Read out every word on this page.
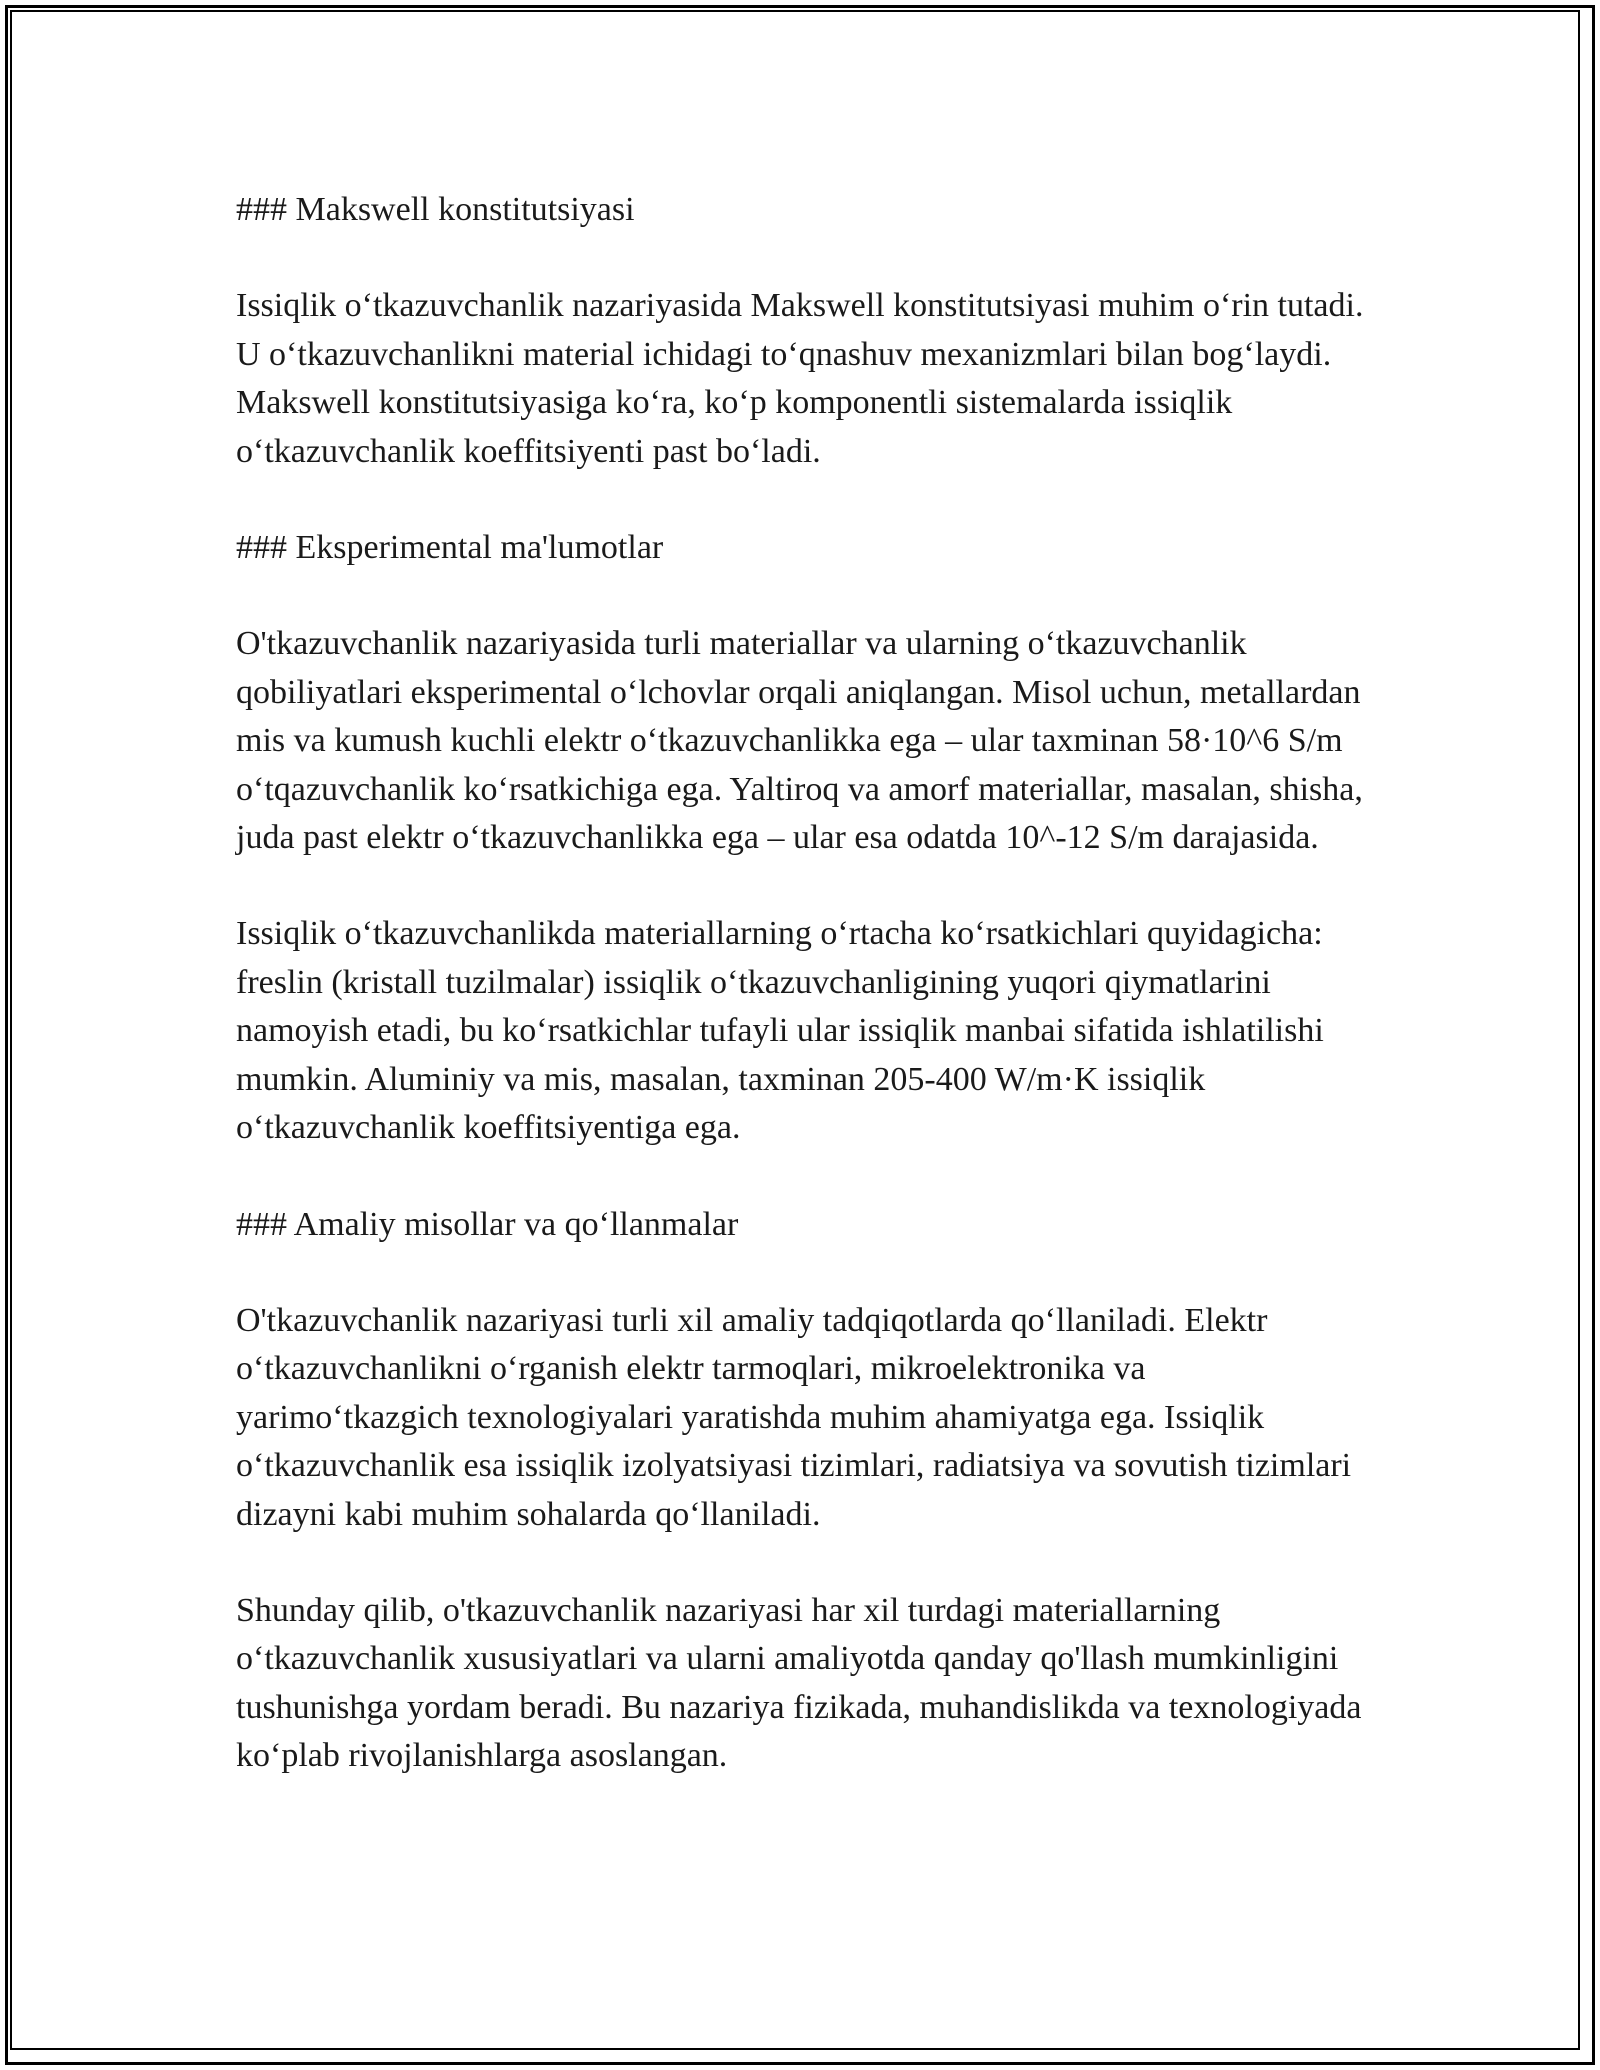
### Makswell konstitutsiyasi

Issiqlik o‘tkazuvchanlik nazariyasida Makswell konstitutsiyasi muhim o‘rin tutadi. U o‘tkazuvchanlikni material ichidagi to‘qnashuv mexanizmlari bilan bog‘laydi. Makswell konstitutsiyasiga ko‘ra, ko‘p komponentli sistemalarda issiqlik o‘tkazuvchanlik koeffitsiyenti past bo‘ladi.

### Eksperimental ma'lumotlar

O'tkazuvchanlik nazariyasida turli materiallar va ularning o‘tkazuvchanlik qobiliyatlari eksperimental o‘lchovlar orqali aniqlangan. Misol uchun, metallardan mis va kumush kuchli elektr o‘tkazuvchanlikka ega – ular taxminan 58·10^6 S/m o‘tqazuvchanlik ko‘rsatkichiga ega. Yaltiroq va amorf materiallar, masalan, shisha, juda past elektr o‘tkazuvchanlikka ega – ular esa odatda 10^-12 S/m darajasida.

Issiqlik o‘tkazuvchanlikda materiallarning o‘rtacha ko‘rsatkichlari quyidagicha: freslin (kristall tuzilmalar) issiqlik o‘tkazuvchanligining yuqori qiymatlarini namoyish etadi, bu ko‘rsatkichlar tufayli ular issiqlik manbai sifatida ishlatilishi mumkin. Aluminiy va mis, masalan, taxminan 205-400 W/m·K issiqlik o‘tkazuvchanlik koeffitsiyentiga ega.

### Amaliy misollar va qo‘llanmalar

O'tkazuvchanlik nazariyasi turli xil amaliy tadqiqotlarda qo‘llaniladi. Elektr o‘tkazuvchanlikni o‘rganish elektr tarmoqlari, mikroelektronika va yarimo‘tkazgich texnologiyalari yaratishda muhim ahamiyatga ega. Issiqlik o‘tkazuvchanlik esa issiqlik izolyatsiyasi tizimlari, radiatsiya va sovutish tizimlari dizayni kabi muhim sohalarda qo‘llaniladi.

Shunday qilib, o'tkazuvchanlik nazariyasi har xil turdagi materiallarning o‘tkazuvchanlik xususiyatlari va ularni amaliyotda qanday qo'llash mumkinligini tushunishga yordam beradi. Bu nazariya fizikada, muhandislikda va texnologiyada ko‘plab rivojlanishlarga asoslangan.
